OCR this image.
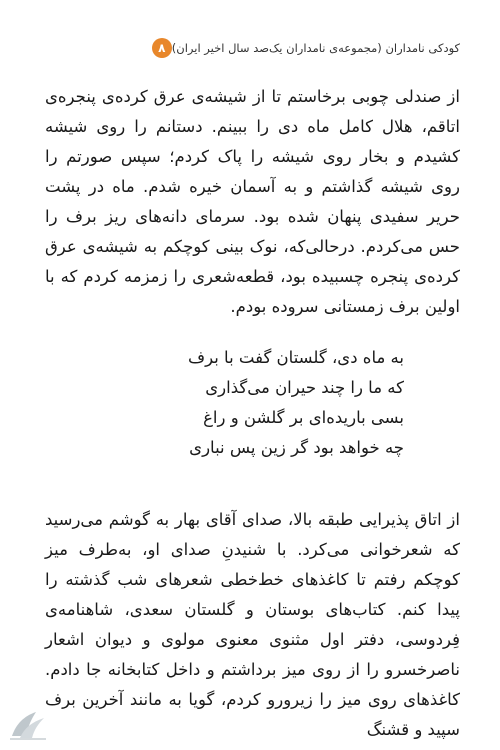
۸ کودکی نامداران (مجموعه‌ی نامداران یک‌صد سال اخیر ایران)

از صندلی چوبی برخاستم تا از شیشه‌ی عرق کرده‌ی پنجره‌ی اتاقم، هلال کامل ماه دی را ببینم. دستانم را روی شیشه کشیدم و بخار روی شیشه را پاک کردم؛ سپس صورتم را روی شیشه گذاشتم و به آسمان خیره شدم. ماه در پشت حریر سفیدی پنهان شده بود. سرمای دانه‌های ریز برف را حس می‌کردم. درحالی‌که، نوک بینی کوچکم به شیشه‌ی عرق کرده‌ی پنجره چسبیده بود، قطعه‌شعری را زمزمه کردم که با اولین برف زمستانی سروده بودم.

به ماه دی، گلستان گفت با برف
که ما را چند حیران می‌گذاری
بسی باریده‌ای بر گلشن و راغ
چه خواهد بود گر زین پس نباری

از اتاق پذیرایی طبقه بالا، صدای آقای بهار به گوشم می‌رسید که شعرخوانی می‌کرد. با شنیدنِ صدای او، به‌طرف میز کوچکم رفتم تا کاغذهای خط‌خطی شعرهای شب گذشته را پیدا کنم. کتاب‌های بوستان و گلستان سعدی، شاهنامه‌ی فِردوسی، دفتر اول مثنوی معنوی مولوی و دیوان اشعار ناصرخسرو را از روی میز برداشتم و داخل کتابخانه جا دادم. کاغذهای روی میز را زیرورو کردم، گویا به مانند آخرین برف سپید و قشنگ
